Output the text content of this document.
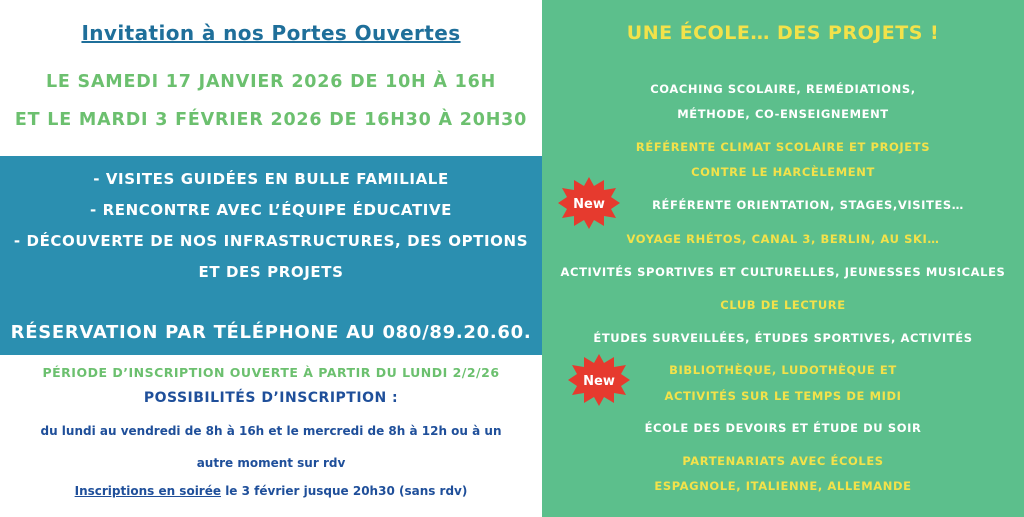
Invitation à nos Portes Ouvertes
LE SAMEDI 17 JANVIER 2026 DE 10H À 16H
ET LE MARDI 3 FÉVRIER 2026 DE 16H30 À 20H30
- VISITES GUIDÉES EN BULLE FAMILIALE
- RENCONTRE AVEC L’ÉQUIPE ÉDUCATIVE
- DÉCOUVERTE DE NOS INFRASTRUCTURES, DES OPTIONS
ET DES PROJETS
RÉSERVATION PAR TÉLÉPHONE AU 080/89.20.60.
PÉRIODE D’INSCRIPTION OUVERTE À PARTIR DU LUNDI 2/2/26
POSSIBILITÉS D’INSCRIPTION :
du lundi au vendredi de 8h à 16h et le mercredi de 8h à 12h ou à un
autre moment sur rdv
Inscriptions en soirée le 3 février jusque 20h30 (sans rdv)
UNE ÉCOLE… DES PROJETS !
COACHING SCOLAIRE, REMÉDIATIONS,
MÉTHODE, CO-ENSEIGNEMENT
RÉFÉRENTE CLIMAT SCOLAIRE ET PROJETS
CONTRE LE HARCÈLEMENT
RÉFÉRENTE ORIENTATION, STAGES,VISITES…
VOYAGE RHÉTOS, CANAL 3, BERLIN, AU SKI…
ACTIVITÉS SPORTIVES ET CULTURELLES, JEUNESSES MUSICALES
CLUB DE LECTURE
ÉTUDES SURVEILLÉES, ÉTUDES SPORTIVES, ACTIVITÉS
BIBLIOTHÈQUE, LUDOTHÈQUE ET
ACTIVITÉS SUR LE TEMPS DE MIDI
ÉCOLE DES DEVOIRS ET ÉTUDE DU SOIR
PARTENARIATS AVEC ÉCOLES
ESPAGNOLE, ITALIENNE, ALLEMANDE
New
New
